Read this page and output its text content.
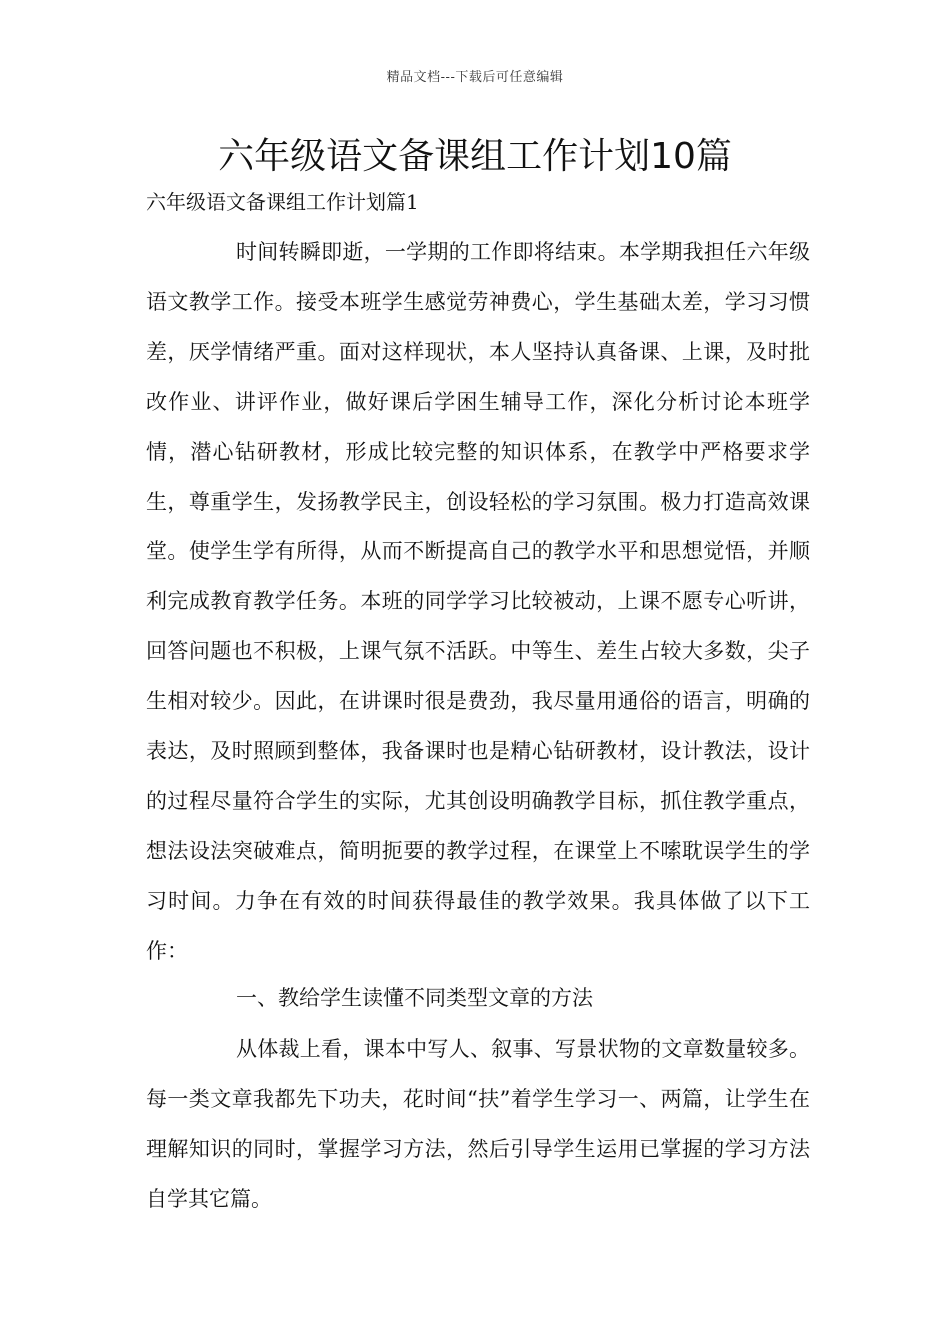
精品文档---下载后可任意编辑
六年级语文备课组工作计划10篇
六年级语文备课组工作计划篇1

时间转瞬即逝，一学期的工作即将结束。本学期我担任六年级语文教学工作。接受本班学生感觉劳神费心，学生基础太差，学习习惯差，厌学情绪严重。面对这样现状，本人坚持认真备课、上课，及时批改作业、讲评作业，做好课后学困生辅导工作，深化分析讨论本班学情，潜心钻研教材，形成比较完整的知识体系，在教学中严格要求学生，尊重学生，发扬教学民主，创设轻松的学习氛围。极力打造高效课堂。使学生学有所得，从而不断提高自己的教学水平和思想觉悟，并顺利完成教育教学任务。本班的同学学习比较被动，上课不愿专心听讲，回答问题也不积极，上课气氛不活跃。中等生、差生占较大多数，尖子生相对较少。因此，在讲课时很是费劲，我尽量用通俗的语言，明确的表达，及时照顾到整体，我备课时也是精心钻研教材，设计教法，设计的过程尽量符合学生的实际，尤其创设明确教学目标，抓住教学重点，想法设法突破难点，简明扼要的教学过程，在课堂上不嗦耽误学生的学习时间。力争在有效的时间获得最佳的教学效果。我具体做了以下工作：

一、教给学生读懂不同类型文章的方法

从体裁上看，课本中写人、叙事、写景状物的文章数量较多。每一类文章我都先下功夫，花时间“扶”着学生学习一、两篇，让学生在理解知识的同时，掌握学习方法，然后引导学生运用已掌握的学习方法自学其它篇。
